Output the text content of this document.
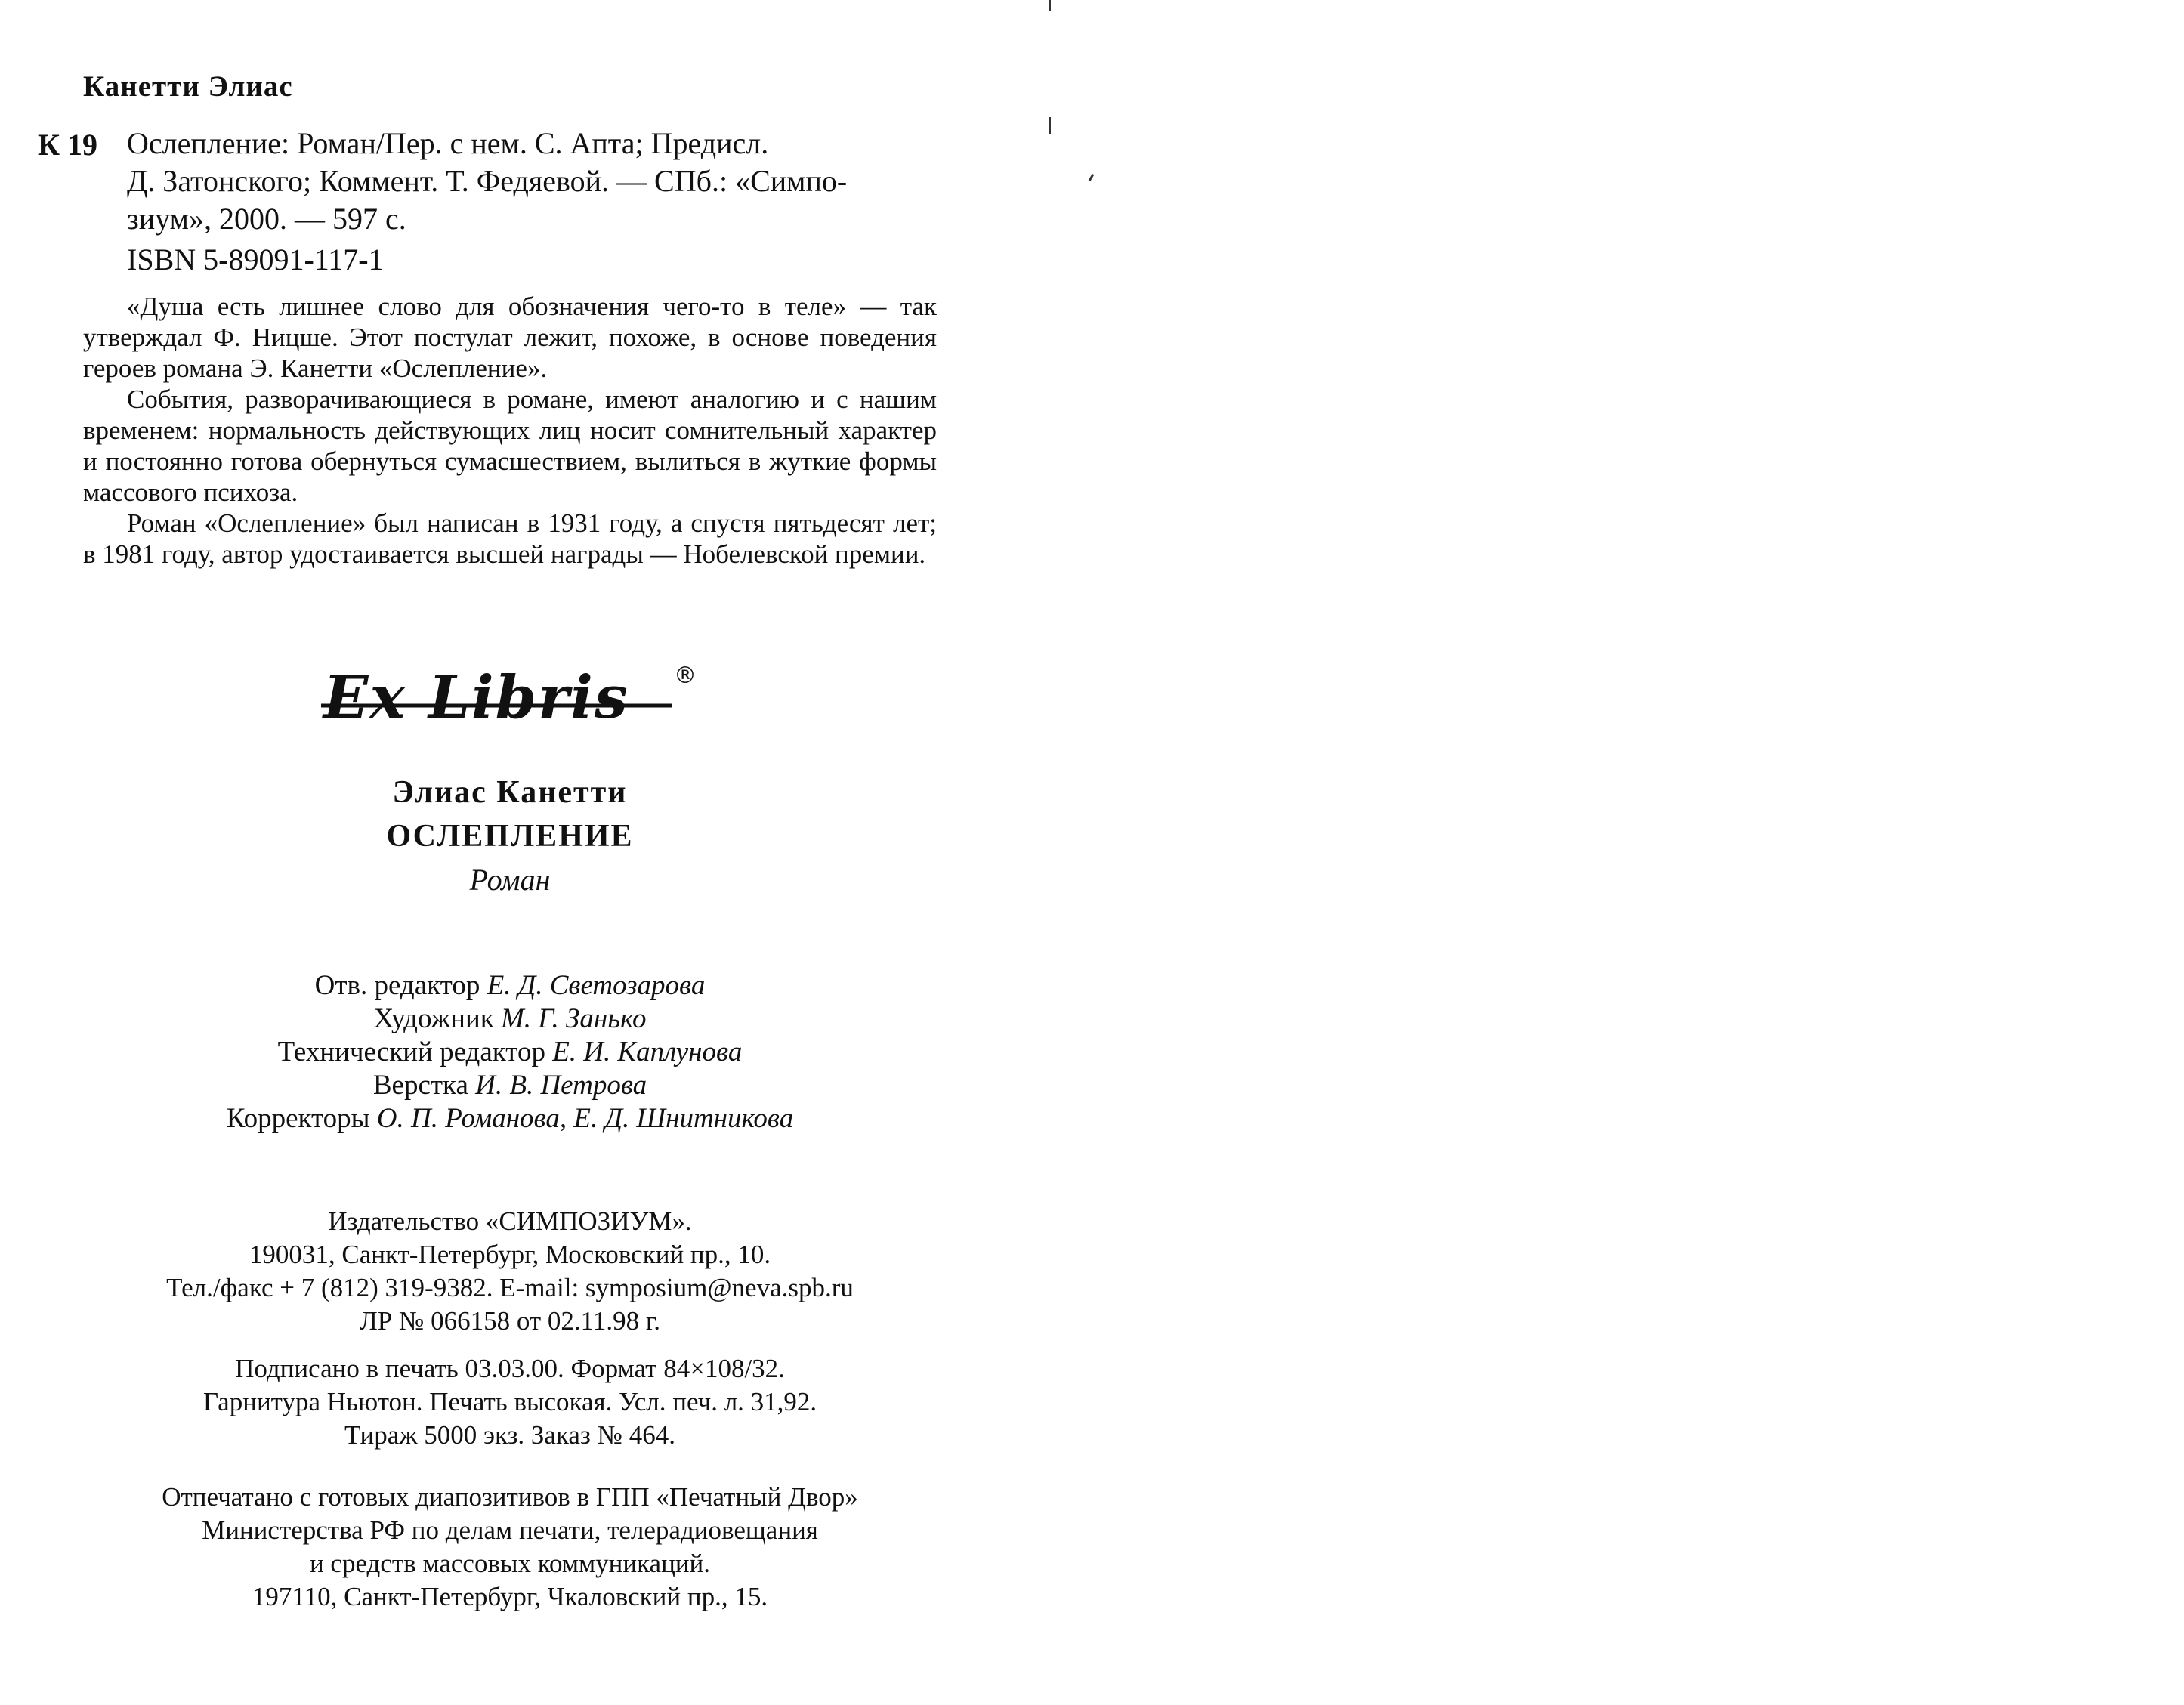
Канетти Элиас
К 19 Ослепление: Роман/Пер. с нем. С. Апта; Предисл.
Д. Затонского; Коммент. Т. Федяевой. — СПб.: «Симпо-
зиум», 2000. — 597 с.
ISBN 5-89091-117-1

«Душа есть лишнее слово для обозначения чего-то в теле» — так утверждал Ф. Ницше. Этот постулат лежит, похоже, в основе поведения героев романа Э. Канетти «Ослепление».

События, разворачивающиеся в романе, имеют аналогию и с нашим временем: нормальность действующих лиц носит сомнительный характер и постоянно готова обернуться сумасшествием, вылиться в жуткие формы массового психоза.

Роман «Ослепление» был написан в 1931 году, а спустя пятьдесят лет; в 1981 году, автор удостаивается высшей награды — Нобелевской премии.

Ex Libris ®
Элиас Канетти
ОСЛЕПЛЕНИЕ
Роман
Отв. редактор Е. Д. Светозарова
Художник М. Г. Занько
Технический редактор Е. И. Каплунова
Верстка И. В. Петрова
Корректоры О. П. Романова, Е. Д. Шнитникова
Издательство «СИМПОЗИУМ».
190031, Санкт-Петербург, Московский пр., 10.
Тел./факс + 7 (812) 319-9382. E-mail: symposium@neva.spb.ru
ЛР № 066158 от 02.11.98 г.
Подписано в печать 03.03.00. Формат 84×108/32.
Гарнитура Ньютон. Печать высокая. Усл. печ. л. 31,92.
Тираж 5000 экз. Заказ № 464.
Отпечатано с готовых диапозитивов в ГПП «Печатный Двор»
Министерства РФ по делам печати, телерадиовещания
и средств массовых коммуникаций.
197110, Санкт-Петербург, Чкаловский пр., 15.
